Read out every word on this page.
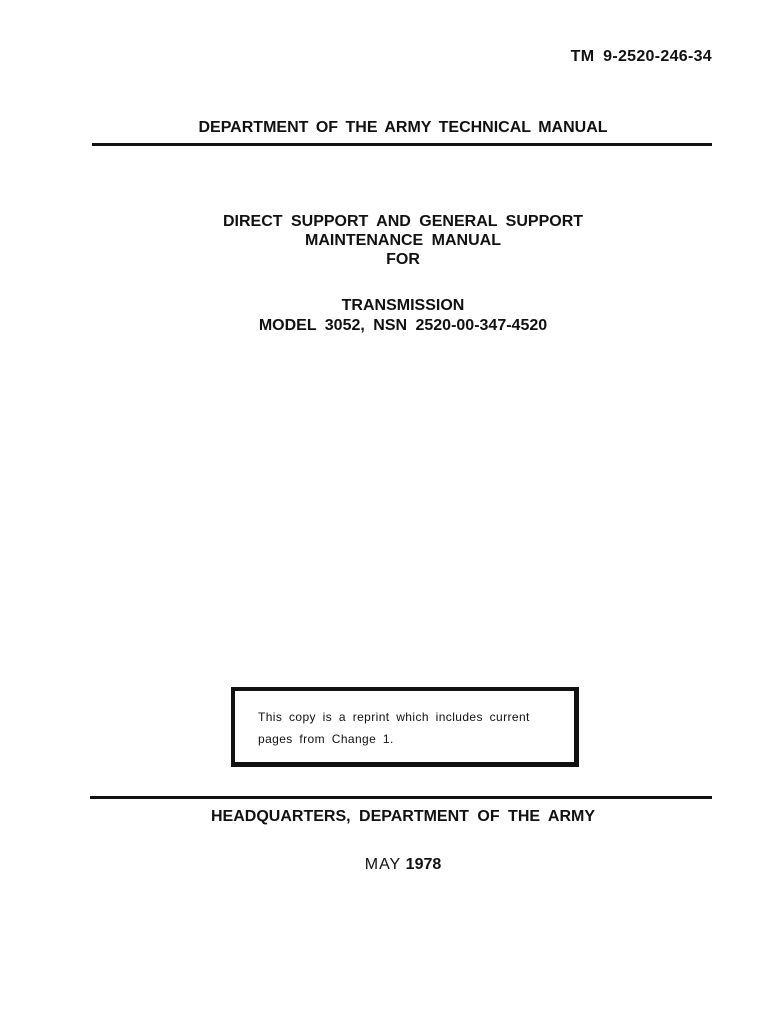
TM 9-2520-246-34
DEPARTMENT OF THE ARMY TECHNICAL MANUAL
DIRECT SUPPORT AND GENERAL SUPPORT
MAINTENANCE MANUAL
FOR
TRANSMISSION
MODEL 3052, NSN 2520-00-347-4520
This copy is a reprint which includes current
pages from Change 1.
HEADQUARTERS, DEPARTMENT OF THE ARMY
MAY 1978
